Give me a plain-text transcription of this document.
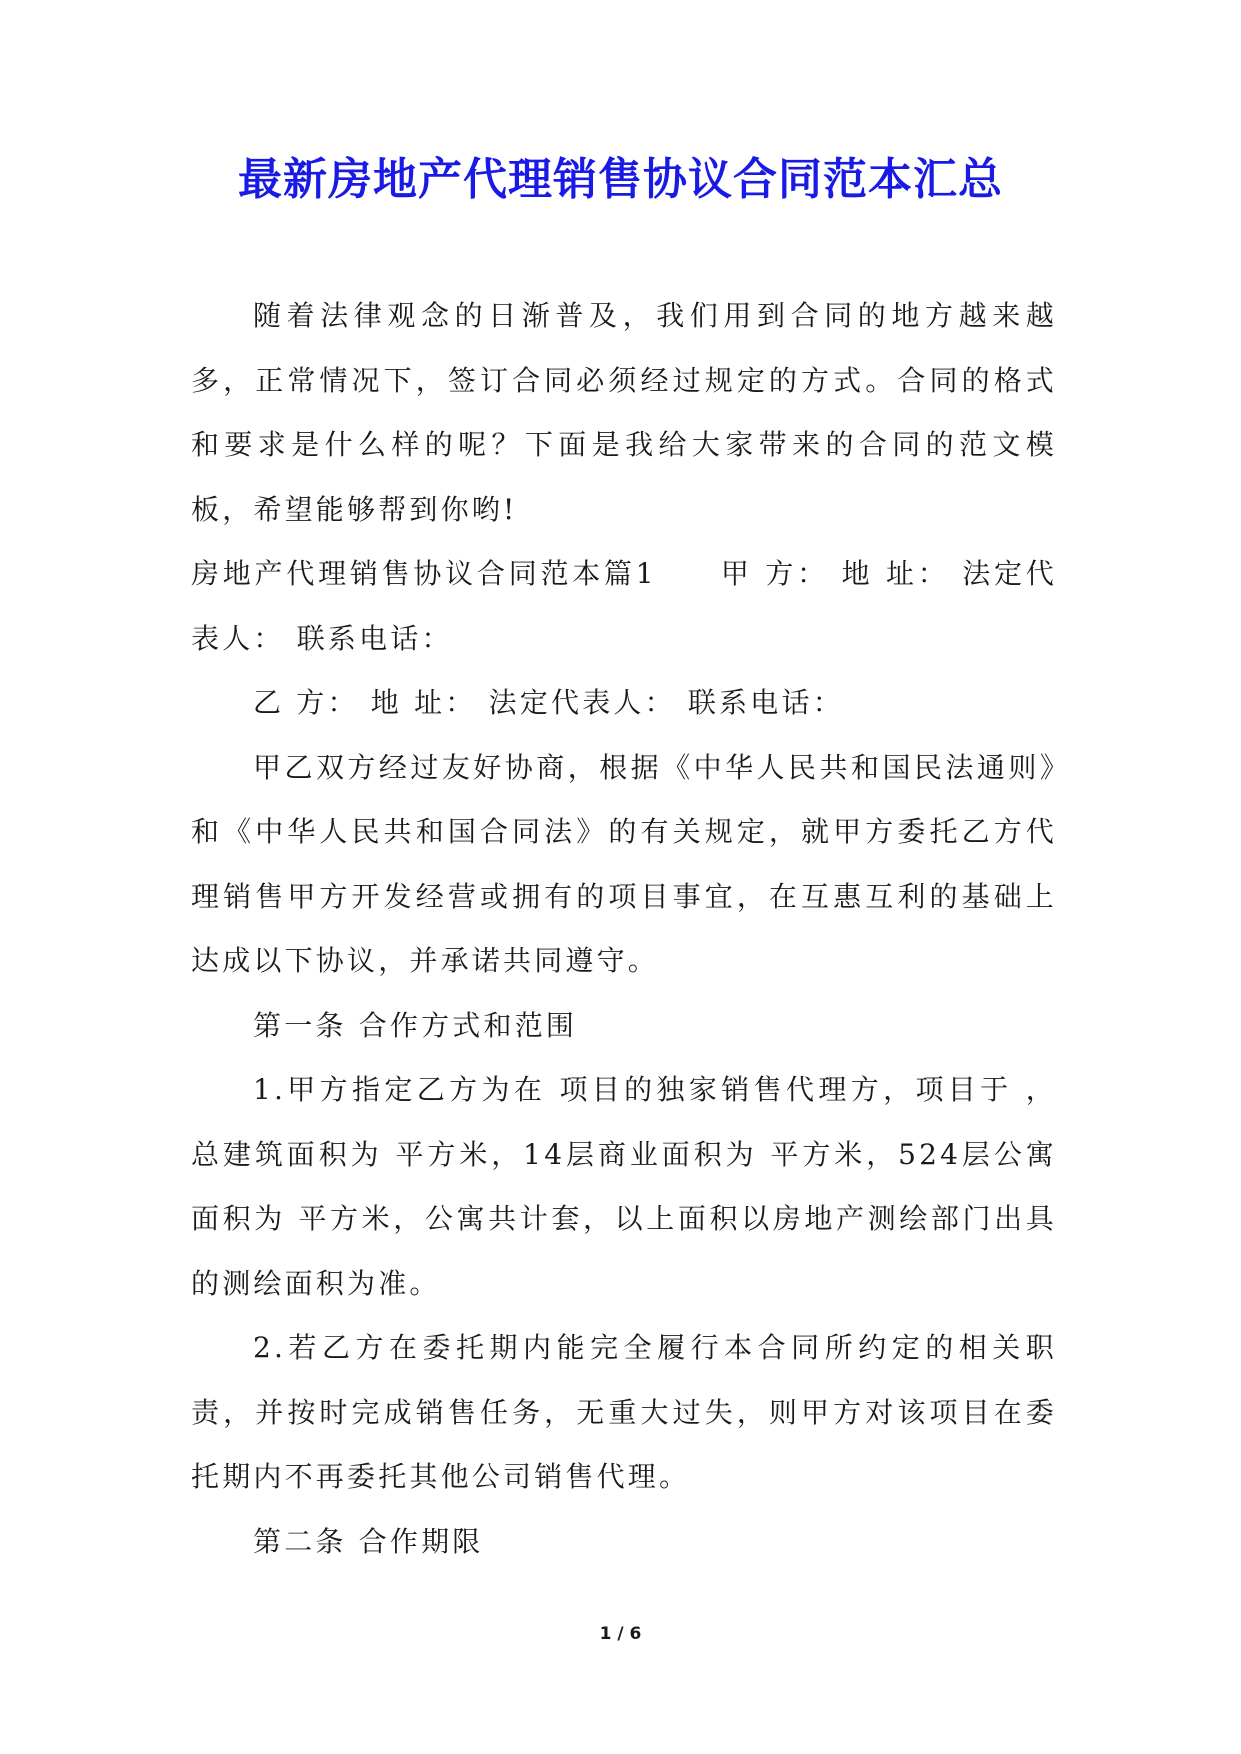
最新房地产代理销售协议合同范本汇总

随着法律观念的日渐普及，我们用到合同的地方越来越多，正常情况下，签订合同必须经过规定的方式。合同的格式和要求是什么样的呢？下面是我给大家带来的合同的范文模板，希望能够帮到你哟!

房地产代理销售协议合同范本篇1　　甲 方： 地 址： 法定代表人： 联系电话：

乙 方： 地 址： 法定代表人： 联系电话：

甲乙双方经过友好协商，根据《中华人民共和国民法通则》和《中华人民共和国合同法》的有关规定，就甲方委托乙方代理销售甲方开发经营或拥有的项目事宜，在互惠互利的基础上达成以下协议，并承诺共同遵守。

第一条 合作方式和范围

1.甲方指定乙方为在 项目的独家销售代理方，项目于 ，总建筑面积为 平方米，14层商业面积为 平方米，524层公寓面积为 平方米，公寓共计套，以上面积以房地产测绘部门出具的测绘面积为准。

2.若乙方在委托期内能完全履行本合同所约定的相关职责，并按时完成销售任务，无重大过失，则甲方对该项目在委托期内不再委托其他公司销售代理。

第二条 合作期限

1 / 6
